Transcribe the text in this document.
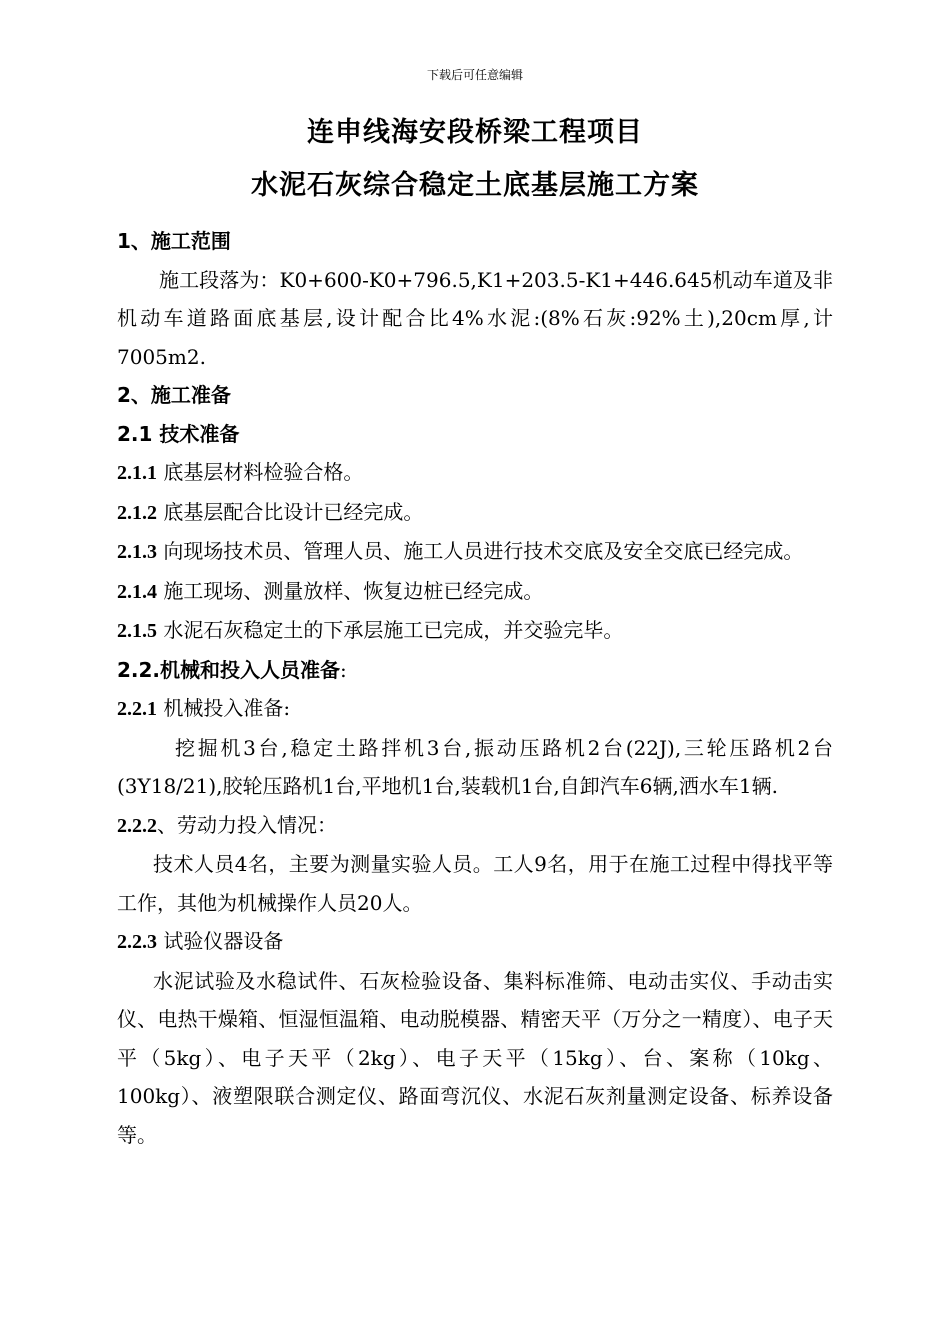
下载后可任意编辑
连申线海安段桥梁工程项目
水泥石灰综合稳定土底基层施工方案

1、施工范围

施工段落为：K0+600-K0+796.5,K1+203.5-K1+446.645机动车道及非机动车道路面底基层,设计配合比4%水泥:(8%石灰:92%土),20cm厚,计7005m2.

2、施工准备

2.1 技术准备

2.1.1 底基层材料检验合格。

2.1.2 底基层配合比设计已经完成。

2.1.3 向现场技术员、管理人员、施工人员进行技术交底及安全交底已经完成。

2.1.4 施工现场、测量放样、恢复边桩已经完成。

2.1.5 水泥石灰稳定土的下承层施工已完成，并交验完毕。

2.2.机械和投入人员准备:

2.2.1 机械投入准备:

挖掘机3台,稳定土路拌机3台,振动压路机2台(22J),三轮压路机2台(3Y18/21),胶轮压路机1台,平地机1台,装载机1台,自卸汽车6辆,洒水车1辆.

2.2.2、劳动力投入情况：

技术人员4名，主要为测量实验人员。工人9名，用于在施工过程中得找平等工作，其他为机械操作人员20人。

2.2.3 试验仪器设备

水泥试验及水稳试件、石灰检验设备、集料标准筛、电动击实仪、手动击实仪、电热干燥箱、恒湿恒温箱、电动脱模器、精密天平（万分之一精度）、电子天平（5kg）、电子天平（2kg）、电子天平（15kg）、台、案称（10kg、100kg）、液塑限联合测定仪、路面弯沉仪、水泥石灰剂量测定设备、标养设备等。
